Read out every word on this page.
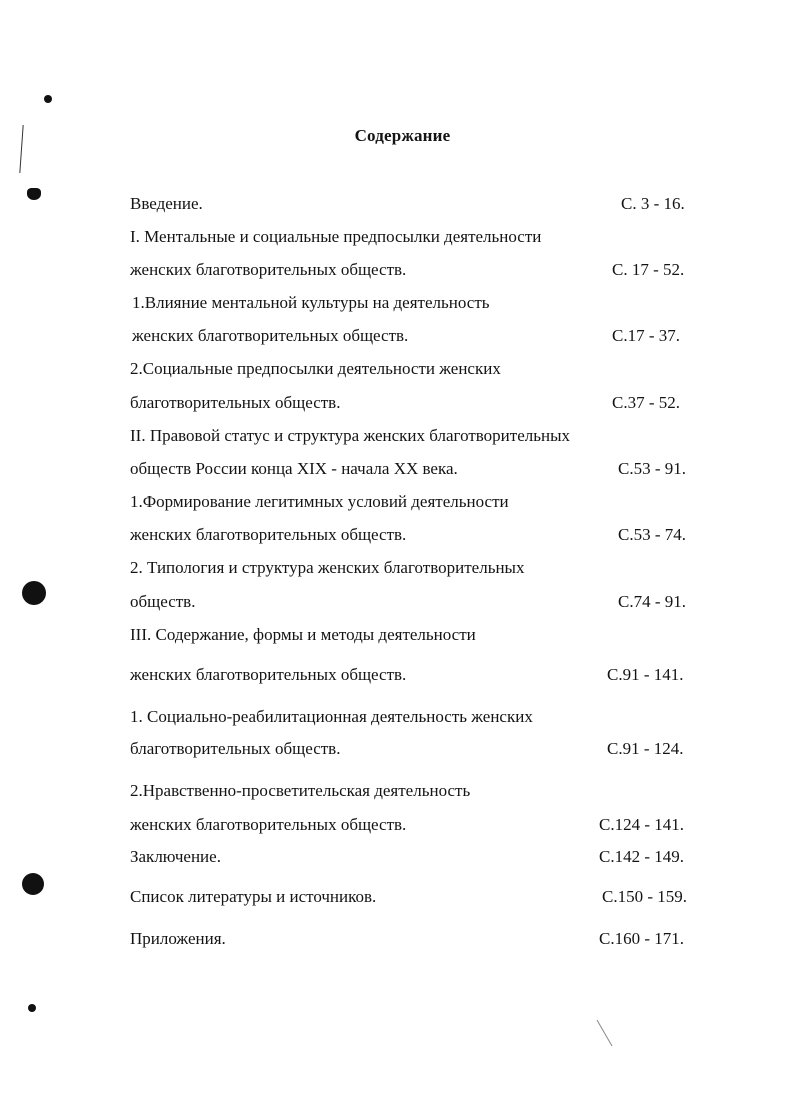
Содержание
Введение.	С. 3 - 16.
I. Ментальные и социальные предпосылки деятельности
женских благотворительных обществ.	С. 17 - 52.
1.Влияние ментальной культуры на деятельность
женских благотворительных обществ.	С.17 - 37.
2.Социальные предпосылки деятельности женских
благотворительных обществ.	С.37 - 52.
II. Правовой статус и структура женских благотворительных
обществ России конца XIX - начала XX века.	С.53 - 91.
1.Формирование легитимных условий деятельности
женских благотворительных обществ.	С.53 - 74.
2. Типология и структура женских благотворительных
обществ.	С.74 - 91.
III. Содержание, формы и методы деятельности
женских благотворительных обществ.	С.91 - 141.
1. Социально-реабилитационная деятельность женских
благотворительных обществ.	С.91 - 124.
2.Нравственно-просветительская деятельность
женских благотворительных обществ.	С.124 - 141.
Заключение.	С.142 - 149.
Список литературы и источников.	С.150 - 159.
Приложения.	С.160 - 171.
